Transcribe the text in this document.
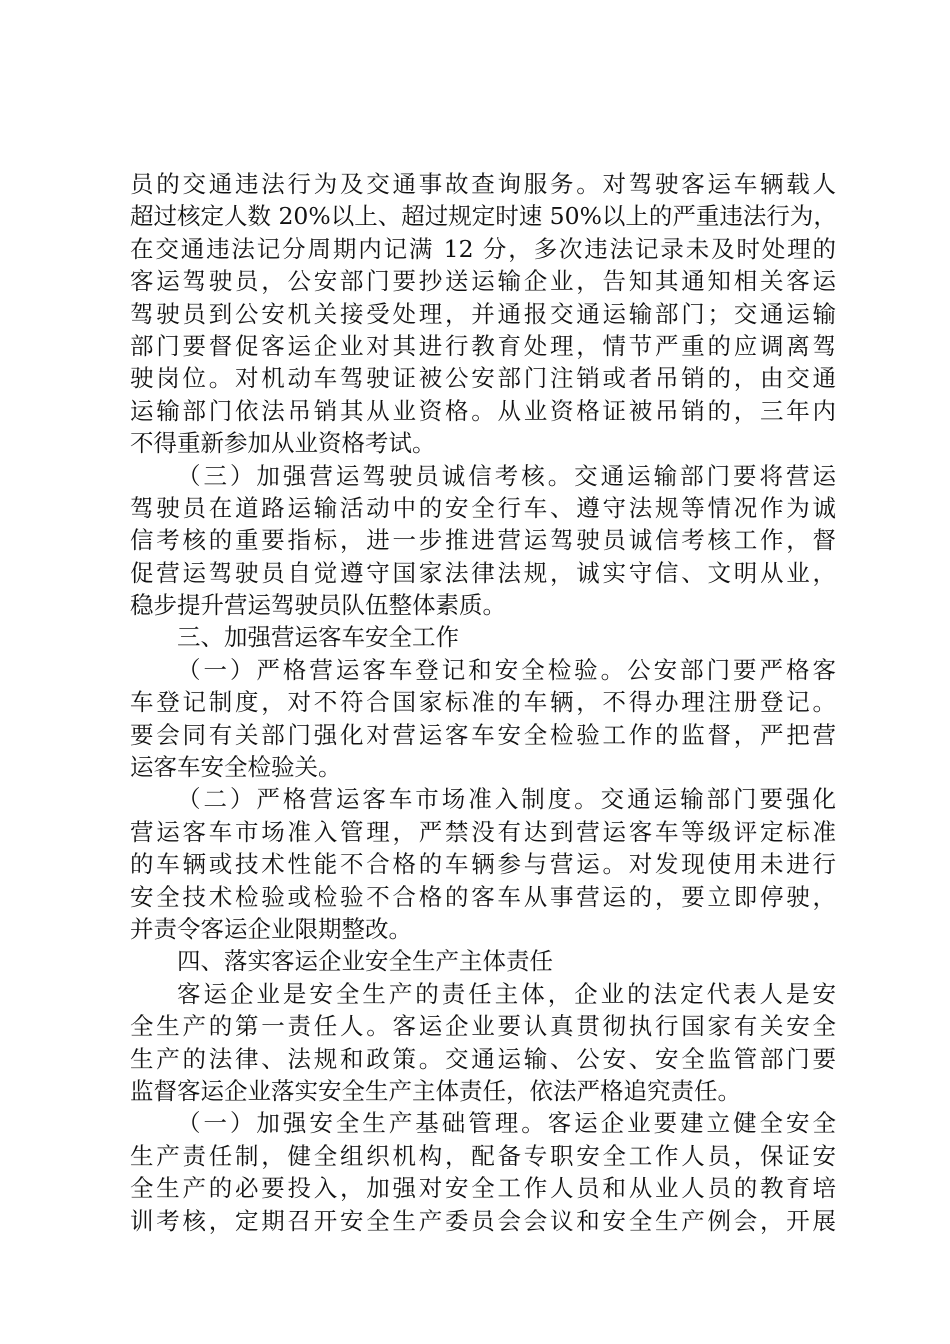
员的交通违法行为及交通事故查询服务。对驾驶客运车辆载人
超过核定人数 20%以上、超过规定时速 50%以上的严重违法行为，
在交通违法记分周期内记满 12 分，多次违法记录未及时处理的
客运驾驶员，公安部门要抄送运输企业，告知其通知相关客运
驾驶员到公安机关接受处理，并通报交通运输部门；交通运输
部门要督促客运企业对其进行教育处理，情节严重的应调离驾
驶岗位。对机动车驾驶证被公安部门注销或者吊销的，由交通
运输部门依法吊销其从业资格。从业资格证被吊销的，三年内
不得重新参加从业资格考试。
（三）加强营运驾驶员诚信考核。交通运输部门要将营运
驾驶员在道路运输活动中的安全行车、遵守法规等情况作为诚
信考核的重要指标，进一步推进营运驾驶员诚信考核工作，督
促营运驾驶员自觉遵守国家法律法规，诚实守信、文明从业，
稳步提升营运驾驶员队伍整体素质。
三、加强营运客车安全工作
（一）严格营运客车登记和安全检验。公安部门要严格客
车登记制度，对不符合国家标准的车辆，不得办理注册登记。
要会同有关部门强化对营运客车安全检验工作的监督，严把营
运客车安全检验关。
（二）严格营运客车市场准入制度。交通运输部门要强化
营运客车市场准入管理，严禁没有达到营运客车等级评定标准
的车辆或技术性能不合格的车辆参与营运。对发现使用未进行
安全技术检验或检验不合格的客车从事营运的，要立即停驶，
并责令客运企业限期整改。
四、落实客运企业安全生产主体责任
客运企业是安全生产的责任主体，企业的法定代表人是安
全生产的第一责任人。客运企业要认真贯彻执行国家有关安全
生产的法律、法规和政策。交通运输、公安、安全监管部门要
监督客运企业落实安全生产主体责任，依法严格追究责任。
（一）加强安全生产基础管理。客运企业要建立健全安全
生产责任制，健全组织机构，配备专职安全工作人员，保证安
全生产的必要投入，加强对安全工作人员和从业人员的教育培
训考核，定期召开安全生产委员会会议和安全生产例会，开展
